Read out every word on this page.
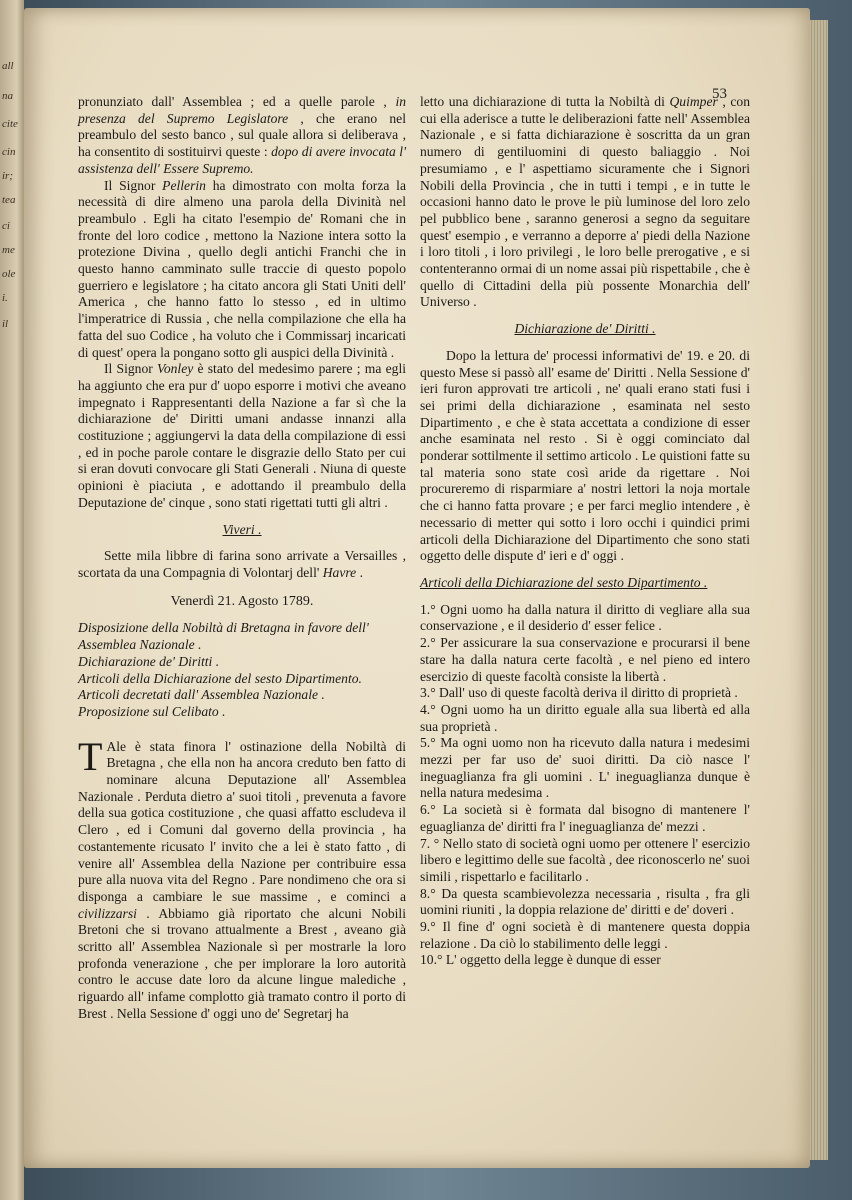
all
na
cite
cin
ir;
tea
ci
me
ole
i.
il
53

pronunziato dall' Assemblea ; ed a quelle parole , in presenza del Supremo Legislatore , che erano nel preambulo del sesto banco , sul quale allora si deliberava , ha consentito di sostituirvi queste : dopo di avere invocata l' assistenza dell' Essere Supremo.

Il Signor Pellerin ha dimostrato con molta forza la necessità di dire almeno una parola della Divinità nel preambulo . Egli ha citato l'esempio de' Romani che in fronte del loro codice , mettono la Nazione intera sotto la protezione Divina , quello degli antichi Franchi che in questo hanno camminato sulle traccie di questo popolo guerriero e legislatore ; ha citato ancora gli Stati Uniti dell' America , che hanno fatto lo stesso , ed in ultimo l'imperatrice di Russia , che nella compilazione che ella ha fatta del suo Codice , ha voluto che i Commissarj incaricati di quest' opera la pongano sotto gli auspici della Divinità .

Il Signor Vonley è stato del medesimo parere ; ma egli ha aggiunto che era pur d' uopo esporre i motivi che aveano impegnato i Rappresentanti della Nazione a far sì che la dichiarazione de' Diritti umani andasse innanzi alla costituzione ; aggiungervi la data della compilazione di essi , ed in poche parole contare le disgrazie dello Stato per cui si eran dovuti convocare gli Stati Generali . Niuna di queste opinioni è piaciuta , e adottando il preambulo della Deputazione de' cinque , sono stati rigettati tutti gli altri .

Viveri .

Sette mila libbre di farina sono arrivate a Versailles , scortata da una Compagnia di Volontarj dell' Havre .

Venerdì 21. Agosto 1789.
Disposizione della Nobiltà di Bretagna in favore dell' Assemblea Nazionale .
Dichiarazione de' Diritti .
Articoli della Dichiarazione del sesto Dipartimento.
Articoli decretati dall' Assemblea Nazionale .
Proposizione sul Celibato .

T Ale è stata finora l' ostinazione della Nobiltà di Bretagna , che ella non ha ancora creduto ben fatto di nominare alcuna Deputazione all' Assemblea Nazionale . Perduta dietro a' suoi titoli , prevenuta a favore della sua gotica costituzione , che quasi affatto escludeva il Clero , ed i Comuni dal governo della provincia , ha costantemente ricusato l' invito che a lei è stato fatto , di venire all' Assemblea della Nazione per contribuire essa pure alla nuova vita del Regno . Pare nondimeno che ora si disponga a cambiare le sue massime , e cominci a civilizzarsi . Abbiamo già riportato che alcuni Nobili Bretoni che si trovano attualmente a Brest , aveano già scritto all' Assemblea Nazionale sì per mostrarle la loro profonda venerazione , che per implorare la loro autorità contro le accuse date loro da alcune lingue malediche , riguardo all' infame complotto già tramato contro il porto di Brest . Nella Sessione d' oggi uno de' Segretarj ha

letto una dichiarazione di tutta la Nobiltà di Quimper , con cui ella aderisce a tutte le deliberazioni fatte nell' Assemblea Nazionale , e si fatta dichiarazione è soscritta da un gran numero di gentiluomini di questo baliaggio . Noi presumiamo , e l' aspettiamo sicuramente che i Signori Nobili della Provincia , che in tutti i tempi , e in tutte le occasioni hanno dato le prove le più luminose del loro zelo pel pubblico bene , saranno generosi a segno da seguitare quest' esempio , e verranno a deporre a' piedi della Nazione i loro titoli , i loro privilegi , le loro belle prerogative , e si contenteranno ormai di un nome assai più rispettabile , che è quello di Cittadini della più possente Monarchia dell' Universo .

Dichiarazione de' Diritti .

Dopo la lettura de' processi informativi de' 19. e 20. di questo Mese si passò all' esame de' Diritti . Nella Sessione d' ieri furon approvati tre articoli , ne' quali erano stati fusi i sei primi della dichiarazione , esaminata nel sesto Dipartimento , e che è stata accettata a condizione di esser anche esaminata nel resto . Si è oggi cominciato dal ponderar sottilmente il settimo articolo . Le quistioni fatte su tal materia sono state così aride da rigettare . Noi procureremo di risparmiare a' nostri lettori la noja mortale che ci hanno fatta provare ; e per farci meglio intendere , è necessario di metter qui sotto i loro occhi i quindici primi articoli della Dichiarazione del Dipartimento che sono stati oggetto delle dispute d' ieri e d' oggi .

Articoli della Dichiarazione del sesto Dipartimento .

1.° Ogni uomo ha dalla natura il diritto di vegliare alla sua conservazione , e il desiderio d' esser felice .

2.° Per assicurare la sua conservazione e procurarsi il bene stare ha dalla natura certe facoltà , e nel pieno ed intero esercizio di queste facoltà consiste la libertà .

3.° Dall' uso di queste facoltà deriva il diritto di proprietà .

4.° Ogni uomo ha un diritto eguale alla sua libertà ed alla sua proprietà .

5.° Ma ogni uomo non ha ricevuto dalla natura i medesimi mezzi per far uso de' suoi diritti. Da ciò nasce l' ineguaglianza fra gli uomini . L' ineguaglianza dunque è nella natura medesima .

6.° La società si è formata dal bisogno di mantenere l' eguaglianza de' diritti fra l' ineguaglianza de' mezzi .

7. ° Nello stato di società ogni uomo per ottenere l' esercizio libero e legittimo delle sue facoltà , dee riconoscerlo ne' suoi simili , rispettarlo e facilitarlo .

8.° Da questa scambievolezza necessaria , risulta , fra gli uomini riuniti , la doppia relazione de' diritti e de' doveri .

9.° Il fine d' ogni società è di mantenere questa doppia relazione . Da ciò lo stabilimento delle leggi .

10.° L' oggetto della legge è dunque di esser
